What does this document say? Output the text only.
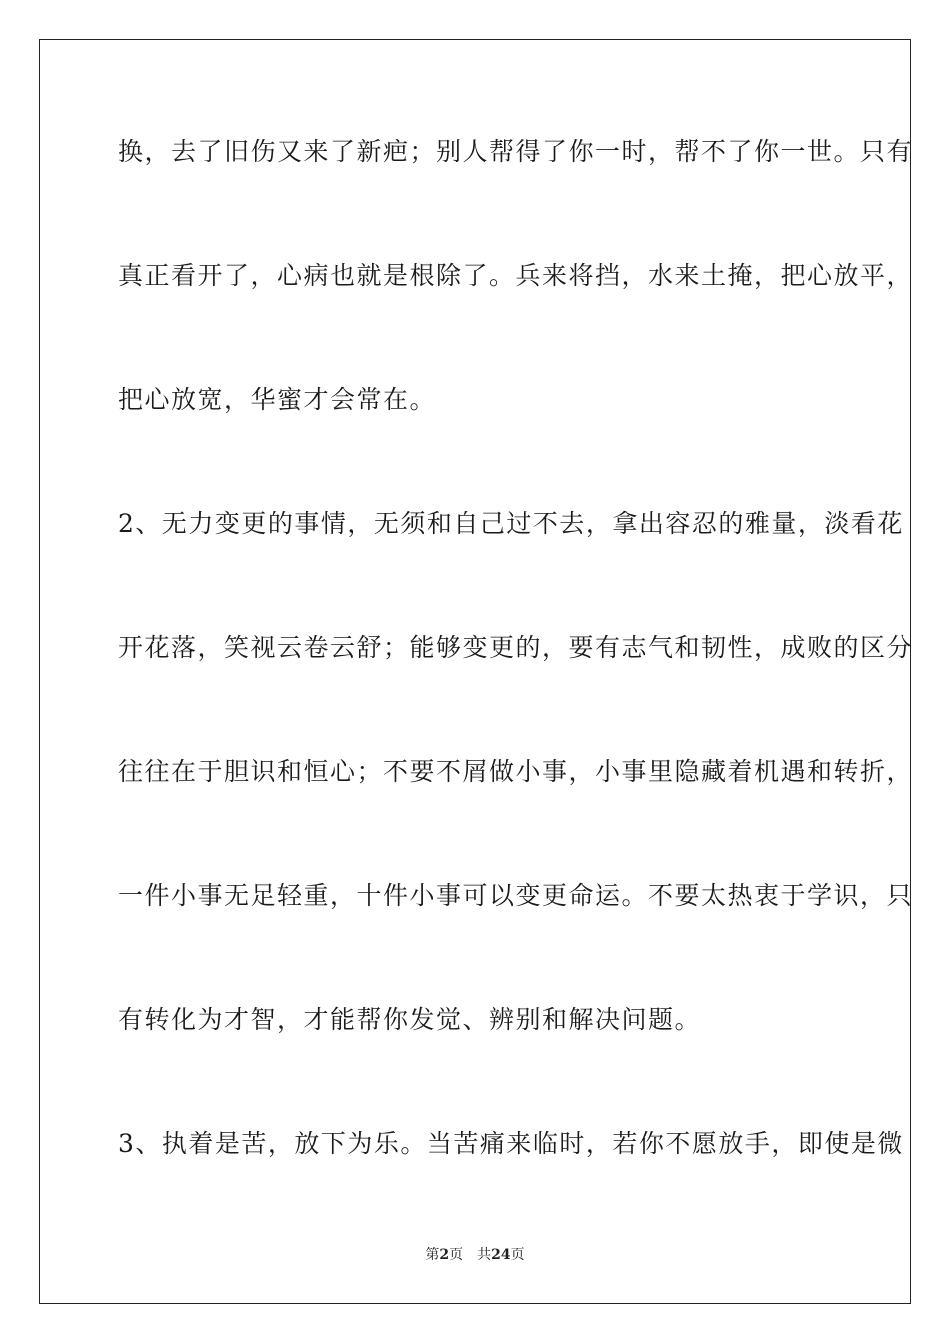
换，去了旧伤又来了新疤；别人帮得了你一时，帮不了你一世。只有
真正看开了，心病也就是根除了。兵来将挡，水来土掩，把心放平，
把心放宽，华蜜才会常在。
2、无力变更的事情，无须和自己过不去，拿出容忍的雅量，淡看花
开花落，笑视云卷云舒；能够变更的，要有志气和韧性，成败的区分
往往在于胆识和恒心；不要不屑做小事，小事里隐藏着机遇和转折，
一件小事无足轻重，十件小事可以变更命运。不要太热衷于学识，只
有转化为才智，才能帮你发觉、辨别和解决问题。
3、执着是苦，放下为乐。当苦痛来临时，若你不愿放手，即使是微
第2页 共24页
